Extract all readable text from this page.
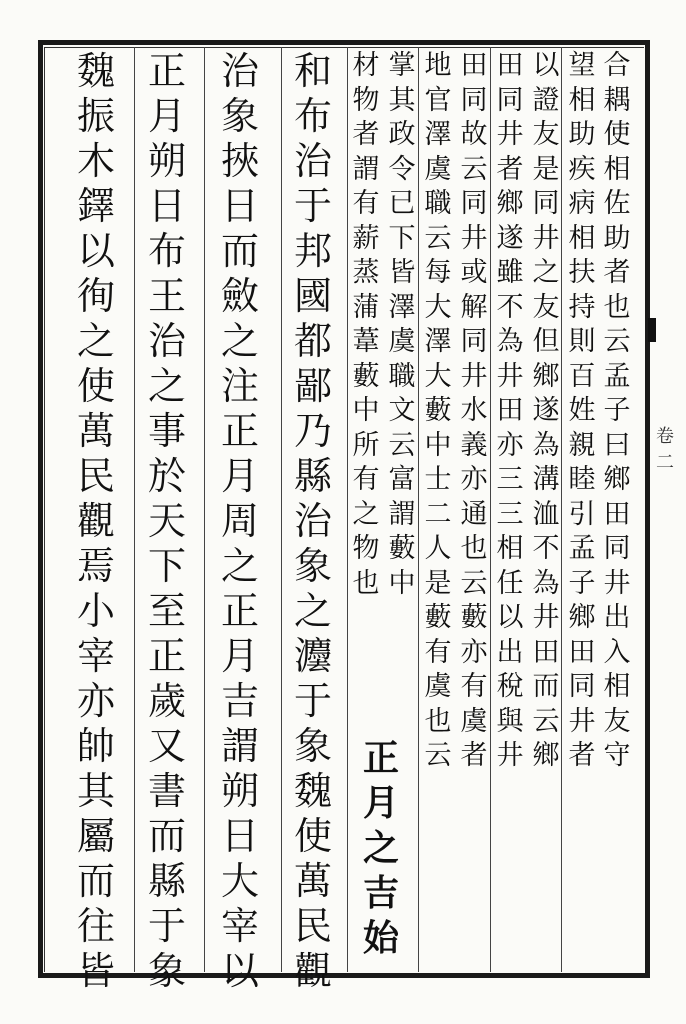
卷二
合
耦
使
相
佐
助
者
也
云
孟
子
曰
鄉
田
同
井
出
入
相
友
守
望
相
助
疾
病
相
扶
持
則
百
姓
親
睦
引
孟
子
鄉
田
同
井
者
以
證
友
是
同
井
之
友
但
鄉
遂
為
溝
洫
不
為
井
田
而
云
鄉
田
同
井
者
鄉
遂
雖
不
為
井
田
亦
三
三
相
任
以
出
稅
與
井
田
同
故
云
同
井
或
解
同
井
水
義
亦
通
也
云
藪
亦
有
虞
者
地
官
澤
虞
職
云
每
大
澤
大
藪
中
士
二
人
是
藪
有
虞
也
云
掌
其
政
令
已
下
皆
澤
虞
職
文
云
富
謂
藪
中
材
物
者
謂
有
薪
蒸
蒲
葦
藪
中
所
有
之
物
也
正
月
之
吉
始
和
布
治
于
邦
國
都
鄙
乃
縣
治
象
之
灋
于
象
魏
使
萬
民
觀
治
象
挾
日
而
斂
之
注
正
月
周
之
正
月
吉
謂
朔
日
大
宰
以
正
月
朔
日
布
王
治
之
事
於
天
下
至
正
歲
又
書
而
縣
于
象
魏
振
木
鐸
以
徇
之
使
萬
民
觀
焉
小
宰
亦
帥
其
屬
而
往
皆
